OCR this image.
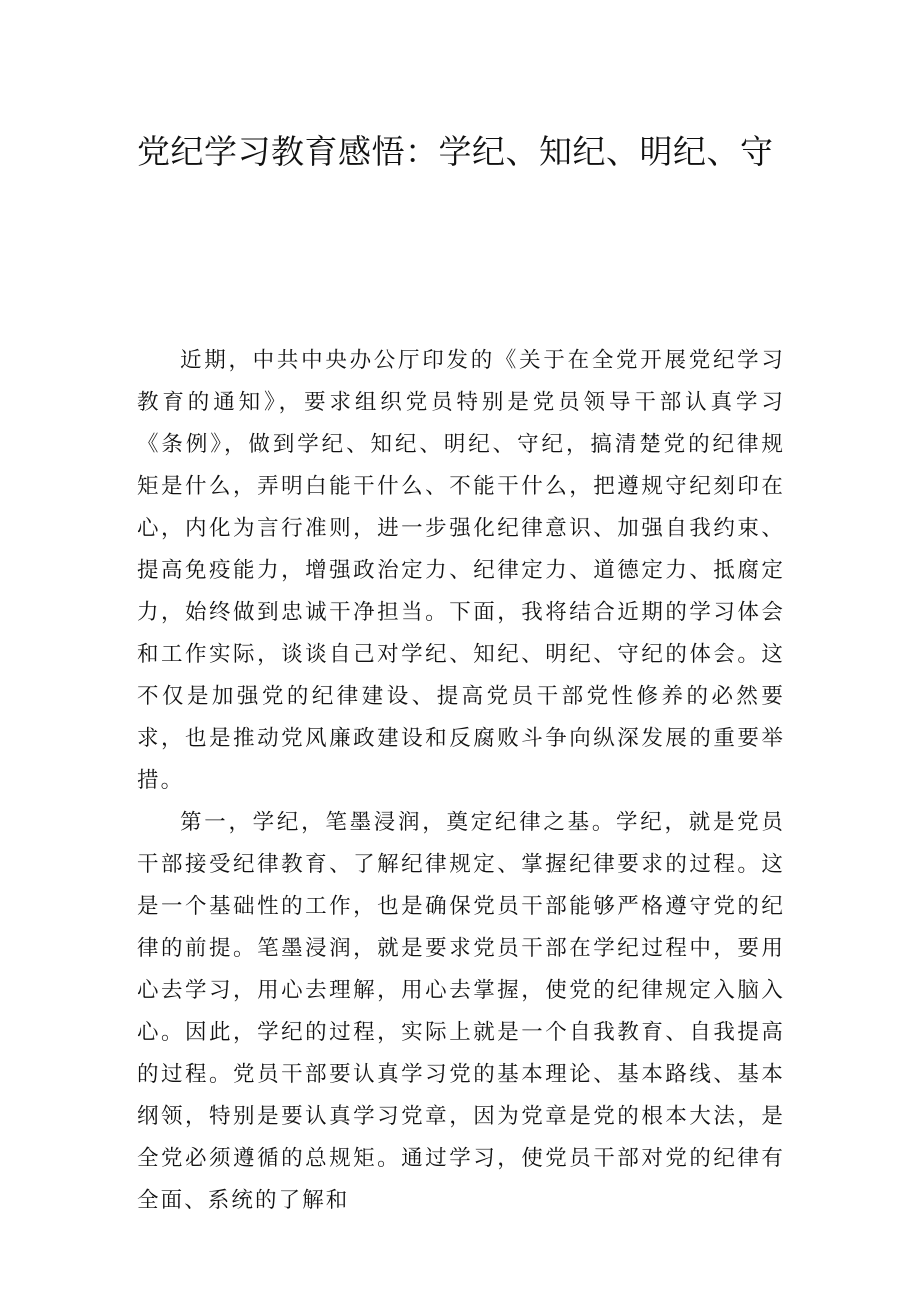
党纪学习教育感悟：学纪、知纪、明纪、守

近期，中共中央办公厅印发的《关于在全党开展党纪学习教育的通知》，要求组织党员特别是党员领导干部认真学习《条例》，做到学纪、知纪、明纪、守纪，搞清楚党的纪律规矩是什么，弄明白能干什么、不能干什么，把遵规守纪刻印在心，内化为言行准则，进一步强化纪律意识、加强自我约束、提高免疫能力，增强政治定力、纪律定力、道德定力、抵腐定力，始终做到忠诚干净担当。下面，我将结合近期的学习体会和工作实际，谈谈自己对学纪、知纪、明纪、守纪的体会。这不仅是加强党的纪律建设、提高党员干部党性修养的必然要求，也是推动党风廉政建设和反腐败斗争向纵深发展的重要举措。

第一，学纪，笔墨浸润，奠定纪律之基。学纪，就是党员干部接受纪律教育、了解纪律规定、掌握纪律要求的过程。这是一个基础性的工作，也是确保党员干部能够严格遵守党的纪律的前提。笔墨浸润，就是要求党员干部在学纪过程中，要用心去学习，用心去理解，用心去掌握，使党的纪律规定入脑入心。因此，学纪的过程，实际上就是一个自我教育、自我提高的过程。党员干部要认真学习党的基本理论、基本路线、基本纲领，特别是要认真学习党章，因为党章是党的根本大法，是全党必须遵循的总规矩。通过学习，使党员干部对党的纪律有全面、系统的了解和
